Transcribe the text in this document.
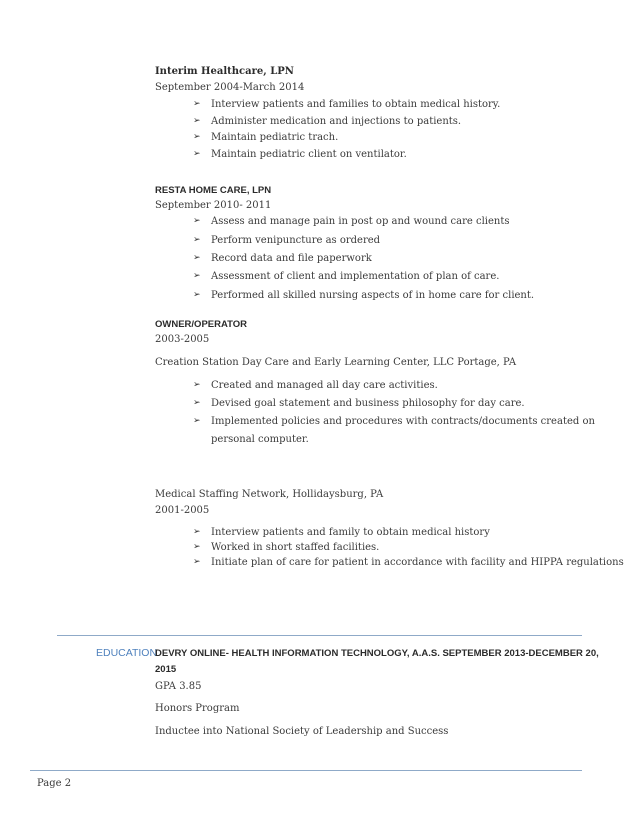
Interim Healthcare, LPN
September 2004-March 2014
➢ Interview patients and families to obtain medical history.
➢ Administer medication and injections to patients.
➢ Maintain pediatric trach.
➢ Maintain pediatric client on ventilator.
RESTA HOME CARE, LPN
September 2010- 2011
➢ Assess and manage pain in post op and wound care clients
➢ Perform venipuncture as ordered
➢ Record data and file paperwork
➢ Assessment of client and implementation of plan of care.
➢ Performed all skilled nursing aspects of in home care for client.
OWNER/OPERATOR
2003-2005
Creation Station Day Care and Early Learning Center, LLC Portage, PA
➢ Created and managed all day care activities.
➢ Devised goal statement and business philosophy for day care.
➢ Implemented policies and procedures with contracts/documents created on
personal computer.
Medical Staffing Network, Hollidaysburg, PA
2001-2005
➢ Interview patients and family to obtain medical history
➢ Worked in short staffed facilities.
➢ Initiate plan of care for patient in accordance with facility and HIPPA regulations
EDUCATION
DEVRY ONLINE- HEALTH INFORMATION TECHNOLOGY, A.A.S. SEPTEMBER 2013-DECEMBER 20,
2015
GPA 3.85
Honors Program
Inductee into National Society of Leadership and Success
Page 2
